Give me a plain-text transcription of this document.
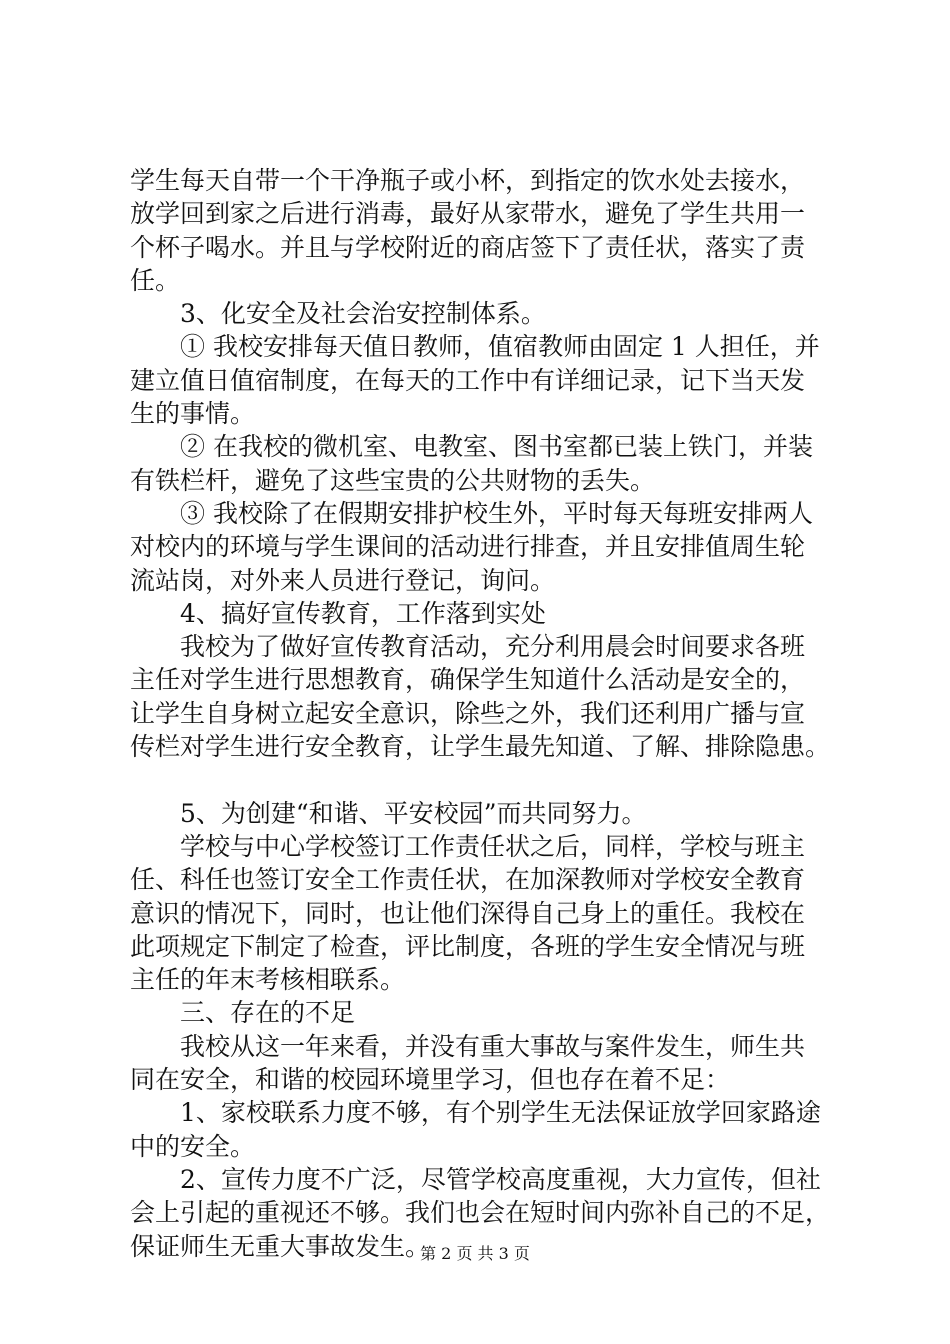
学生每天自带一个干净瓶子或小杯，到指定的饮水处去接水，
放学回到家之后进行消毒，最好从家带水，避免了学生共用一
个杯子喝水。并且与学校附近的商店签下了责任状，落实了责
任。
3、化安全及社会治安控制体系。
① 我校安排每天值日教师，值宿教师由固定 1 人担任，并
建立值日值宿制度，在每天的工作中有详细记录，记下当天发
生的事情。
② 在我校的微机室、电教室、图书室都已装上铁门，并装
有铁栏杆，避免了这些宝贵的公共财物的丢失。
③ 我校除了在假期安排护校生外，平时每天每班安排两人
对校内的环境与学生课间的活动进行排查，并且安排值周生轮
流站岗，对外来人员进行登记，询问。
4、搞好宣传教育，工作落到实处
我校为了做好宣传教育活动，充分利用晨会时间要求各班
主任对学生进行思想教育，确保学生知道什么活动是安全的，
让学生自身树立起安全意识，除些之外，我们还利用广播与宣
传栏对学生进行安全教育，让学生最先知道、了解、排除隐患。
5、为创建“和谐、平安校园”而共同努力。
学校与中心学校签订工作责任状之后，同样，学校与班主
任、科任也签订安全工作责任状，在加深教师对学校安全教育
意识的情况下，同时，也让他们深得自己身上的重任。我校在
此项规定下制定了检查，评比制度，各班的学生安全情况与班
主任的年末考核相联系。
三、存在的不足
我校从这一年来看，并没有重大事故与案件发生，师生共
同在安全，和谐的校园环境里学习，但也存在着不足：
1、家校联系力度不够，有个别学生无法保证放学回家路途
中的安全。
2、宣传力度不广泛，尽管学校高度重视，大力宣传，但社
会上引起的重视还不够。我们也会在短时间内弥补自己的不足，
保证师生无重大事故发生。
第 2 页 共 3 页
